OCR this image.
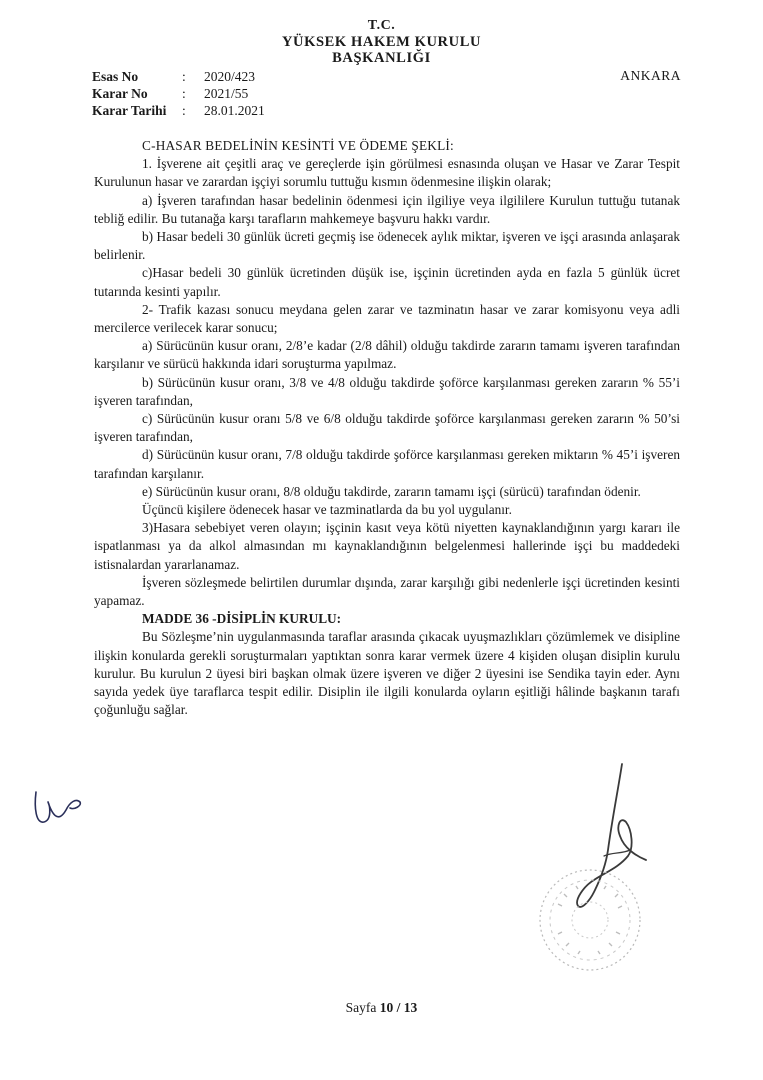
T.C.
YÜKSEK HAKEM KURULU
BAŞKANLIĞI
Esas No	:	2020/423
Karar No	:	2021/55
Karar Tarihi	:	28.01.2021
ANKARA

C-HASAR BEDELİNİN KESİNTİ VE ÖDEME ŞEKLİ:

1. İşverene ait çeşitli araç ve gereçlerde işin görülmesi esnasında oluşan ve Hasar ve Zarar Tespit Kurulunun hasar ve zarardan işçiyi sorumlu tuttuğu kısmın ödenmesine ilişkin olarak;

a) İşveren tarafından hasar bedelinin ödenmesi için ilgiliye veya ilgililere Kurulun tuttuğu tutanak tebliğ edilir. Bu tutanağa karşı tarafların mahkemeye başvuru hakkı vardır.

b) Hasar bedeli 30 günlük ücreti geçmiş ise ödenecek aylık miktar, işveren ve işçi arasında anlaşarak belirlenir.

c)Hasar bedeli 30 günlük ücretinden düşük ise, işçinin ücretinden ayda en fazla 5 günlük ücret tutarında kesinti yapılır.

2- Trafik kazası sonucu meydana gelen zarar ve tazminatın hasar ve zarar komisyonu veya adli mercilerce verilecek karar sonucu;

a) Sürücünün kusur oranı, 2/8’e kadar (2/8 dâhil) olduğu takdirde zararın tamamı işveren tarafından karşılanır ve sürücü hakkında idari soruşturma yapılmaz.

b) Sürücünün kusur oranı, 3/8 ve 4/8 olduğu takdirde şoförce karşılanması gereken zararın % 55’i işveren tarafından,

c) Sürücünün kusur oranı 5/8 ve 6/8 olduğu takdirde şoförce karşılanması gereken zararın % 50’si işveren tarafından,

d) Sürücünün kusur oranı, 7/8 olduğu takdirde şoförce karşılanması gereken miktarın % 45’i işveren tarafından karşılanır.

e) Sürücünün kusur oranı, 8/8 olduğu takdirde, zararın tamamı işçi (sürücü) tarafından ödenir.

Üçüncü kişilere ödenecek hasar ve tazminatlarda da bu yol uygulanır.

3)Hasara sebebiyet veren olayın; işçinin kasıt veya kötü niyetten kaynaklandığının yargı kararı ile ispatlanması ya da alkol almasından mı kaynaklandığının belgelenmesi hallerinde işçi bu maddedeki istisnalardan yararlanamaz.

İşveren sözleşmede belirtilen durumlar dışında, zarar karşılığı gibi nedenlerle işçi ücretinden kesinti yapamaz.

MADDE 36 -DİSİPLİN KURULU:

Bu Sözleşme’nin uygulanmasında taraflar arasında çıkacak uyuşmazlıkları çözümlemek ve disipline ilişkin konularda gerekli soruşturmaları yaptıktan sonra karar vermek üzere 4 kişiden oluşan disiplin kurulu kurulur. Bu kurulun 2 üyesi biri başkan olmak üzere işveren ve diğer 2 üyesini ise Sendika tayin eder. Aynı sayıda yedek üye taraflarca tespit edilir. Disiplin ile ilgili konularda oyların eşitliği hâlinde başkanın tarafı çoğunluğu sağlar.

Sayfa 10 / 13
